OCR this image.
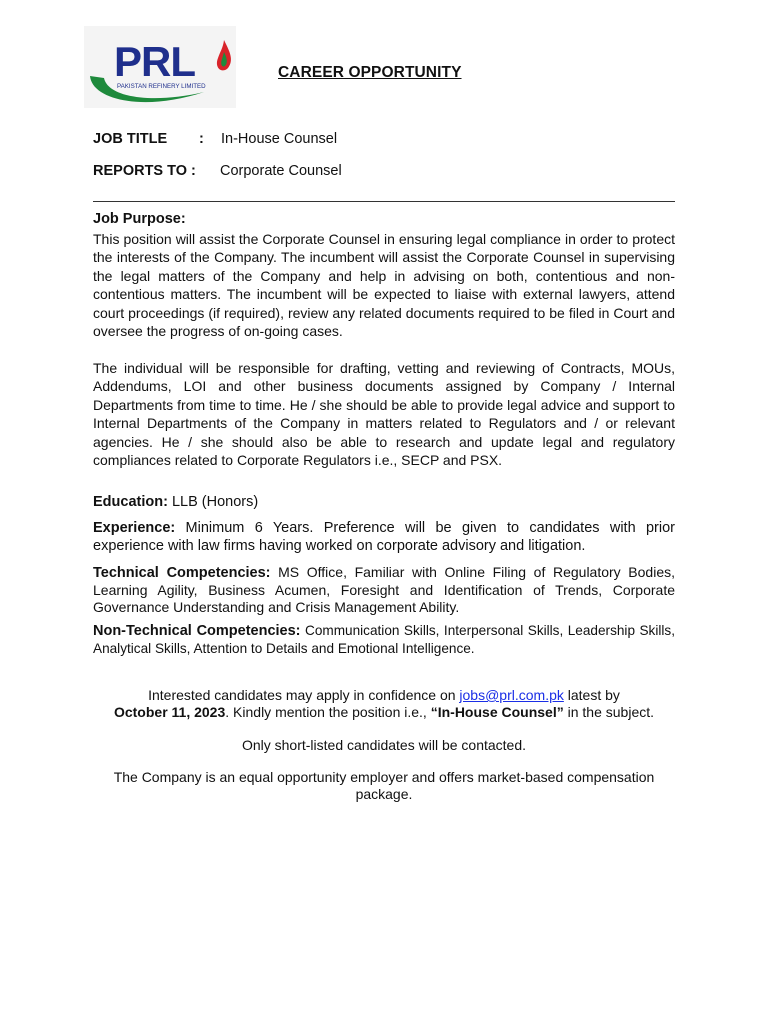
PRL
PAKISTAN REFINERY LIMITED
CAREER OPPORTUNITY
JOB TITLE : In-House Counsel
REPORTS TO : Corporate Counsel

Job Purpose:

This position will assist the Corporate Counsel in ensuring legal compliance in order to protect the interests of the Company. The incumbent will assist the Corporate Counsel in supervising the legal matters of the Company and help in advising on both, contentious and non-contentious matters. The incumbent will be expected to liaise with external lawyers, attend court proceedings (if required), review any related documents required to be filed in Court and oversee the progress of on-going cases.

The individual will be responsible for drafting, vetting and reviewing of Contracts, MOUs, Addendums, LOI and other business documents assigned by Company / Internal Departments from time to time. He / she should be able to provide legal advice and support to Internal Departments of the Company in matters related to Regulators and / or relevant agencies. He / she should also be able to research and update legal and regulatory compliances related to Corporate Regulators i.e., SECP and PSX.

Education: LLB (Honors)

Experience: Minimum 6 Years. Preference will be given to candidates with prior experience with law firms having worked on corporate advisory and litigation.

Technical Competencies: MS Office, Familiar with Online Filing of Regulatory Bodies, Learning Agility, Business Acumen, Foresight and Identification of Trends, Corporate Governance Understanding and Crisis Management Ability.

Non-Technical Competencies: Communication Skills, Interpersonal Skills, Leadership Skills, Analytical Skills, Attention to Details and Emotional Intelligence.

Interested candidates may apply in confidence on jobs@prl.com.pk latest by
October 11, 2023. Kindly mention the position i.e., “In-House Counsel” in the subject.
Only short-listed candidates will be contacted.
The Company is an equal opportunity employer and offers market-based compensation package.
